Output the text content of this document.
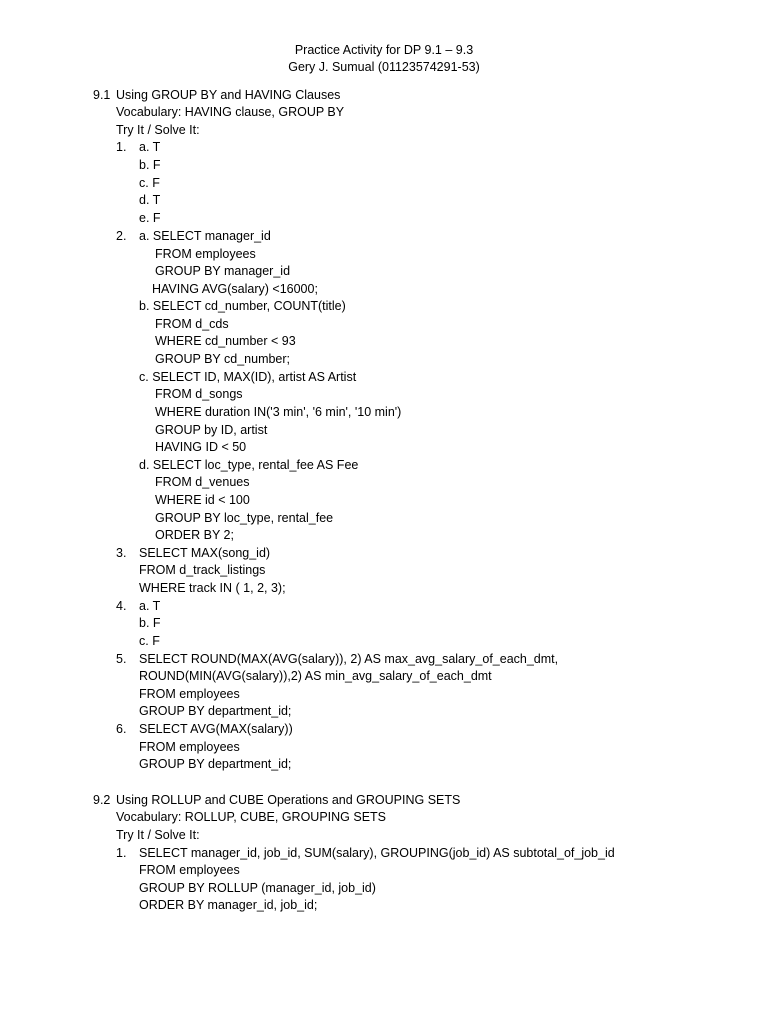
Practice Activity for DP 9.1 – 9.3
Gery J. Sumual (01123574291-53)
9.1 Using GROUP BY and HAVING Clauses
Vocabulary: HAVING clause, GROUP BY
Try It / Solve It:
1. a. T
b. F
c. F
d. T
e. F
2. a. SELECT manager_id
FROM employees
GROUP BY manager_id
HAVING AVG(salary) <16000;
b. SELECT cd_number, COUNT(title)
FROM d_cds
WHERE cd_number < 93
GROUP BY cd_number;
c. SELECT ID, MAX(ID), artist AS Artist
FROM d_songs
WHERE duration IN('3 min', '6 min', '10 min')
GROUP by ID, artist
HAVING ID < 50
d. SELECT loc_type, rental_fee AS Fee
FROM d_venues
WHERE id < 100
GROUP BY loc_type, rental_fee
ORDER BY 2;
3. SELECT MAX(song_id)
FROM d_track_listings
WHERE track IN ( 1, 2, 3);
4. a. T
b. F
c. F
5. SELECT ROUND(MAX(AVG(salary)), 2) AS max_avg_salary_of_each_dmt,
ROUND(MIN(AVG(salary)),2) AS min_avg_salary_of_each_dmt
FROM employees
GROUP BY department_id;
6. SELECT AVG(MAX(salary))
FROM employees
GROUP BY department_id;
9.2 Using ROLLUP and CUBE Operations and GROUPING SETS
Vocabulary: ROLLUP, CUBE, GROUPING SETS
Try It / Solve It:
1. SELECT manager_id, job_id, SUM(salary), GROUPING(job_id) AS subtotal_of_job_id
FROM employees
GROUP BY ROLLUP (manager_id, job_id)
ORDER BY manager_id, job_id;
